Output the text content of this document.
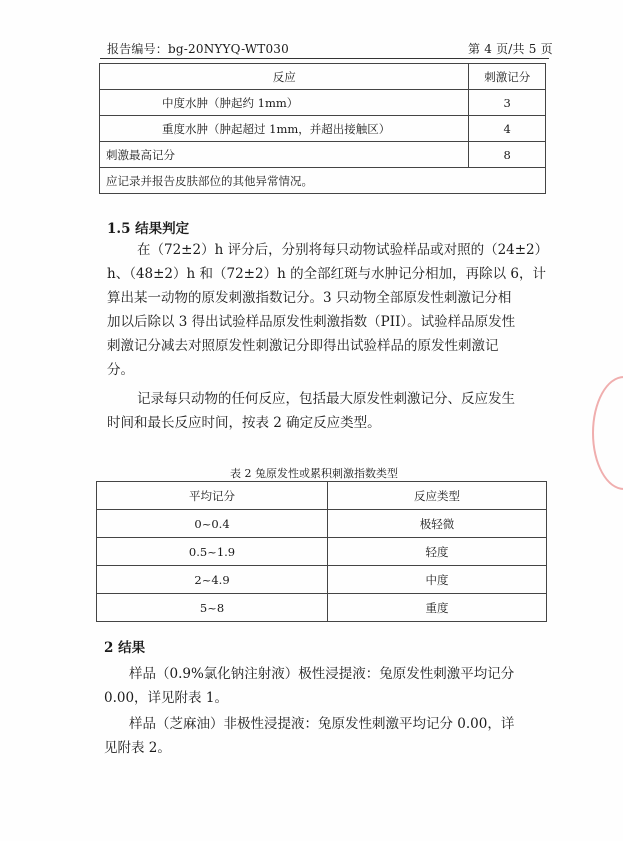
报告编号：bg-20NYYQ-WT030	第 4 页/共 5 页
反应	刺激记分
中度水肿（肿起约 1mm）	3
重度水肿（肿起超过 1mm，并超出接触区）	4
刺激最高记分	8
应记录并报告皮肤部位的其他异常情况。	
1.5 结果判定
在（72±2）h 评分后，分别将每只动物试验样品或对照的（24±2）
h、（48±2）h 和（72±2）h 的全部红斑与水肿记分相加，再除以 6，计
算出某一动物的原发刺激指数记分。3 只动物全部原发性刺激记分相
加以后除以 3 得出试验样品原发性刺激指数（PII）。试验样品原发性
刺激记分减去对照原发性刺激记分即得出试验样品的原发性刺激记
分。
记录每只动物的任何反应，包括最大原发性刺激记分、反应发生
时间和最长反应时间，按表 2 确定反应类型。
表 2 兔原发性或累积刺激指数类型
平均记分	反应类型
0~0.4	极轻微
0.5~1.9	轻度
2~4.9	中度
5~8	重度
2 结果
样品（0.9%氯化钠注射液）极性浸提液：兔原发性刺激平均记分
0.00，详见附表 1。
样品（芝麻油）非极性浸提液：兔原发性刺激平均记分 0.00，详
见附表 2。
